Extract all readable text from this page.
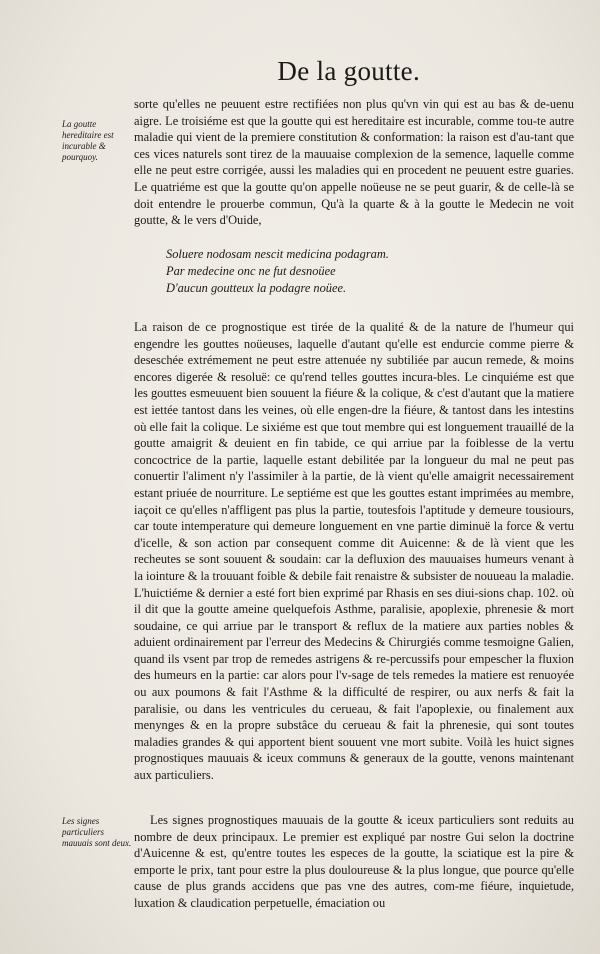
De la goutte.
La goutte hereditaire est incurable & pourquoy.

sorte qu'elles ne peuuent estre rectifiées non plus qu'vn vin qui est au bas & de-uenu aigre. Le troisiéme est que la goutte qui est hereditaire est incurable, comme tou-te autre maladie qui vient de la premiere constitution & conformation: la raison est d'au-tant que ces vices naturels sont tirez de la mauuaise complexion de la semence, laquelle comme elle ne peut estre corrigée, aussi les maladies qui en procedent ne peuuent estre guaries. Le quatriéme est que la goutte qu'on appelle noüeuse ne se peut guarir, & de celle-là se doit entendre le prouerbe commun, Qu'à la quarte & à la goutte le Medecin ne voit goutte, & le vers d'Ouide,

Soluere nodosam nescit medicina podagram.
Par medecine onc ne fut desnoüee
D'aucun goutteux la podagre noüee.

La raison de ce prognostique est tirée de la qualité & de la nature de l'humeur qui engendre les gouttes noüeuses, laquelle d'autant qu'elle est endurcie comme pierre & deseschée extrémement ne peut estre attenuée ny subtiliée par aucun remede, & moins encores digerée & resoluë: ce qu'rend telles gouttes incura-bles. Le cinquiéme est que les gouttes esmeuuent bien souuent la fiéure & la colique, & c'est d'autant que la matiere est iettée tantost dans les veines, où elle engen-dre la fiéure, & tantost dans les intestins où elle fait la colique. Le sixiéme est que tout membre qui est longuement trauaillé de la goutte amaigrit & deuient en fin tabide, ce qui arriue par la foiblesse de la vertu concoctrice de la partie, laquelle estant debilitée par la longueur du mal ne peut pas conuertir l'aliment n'y l'assimiler à la partie, de là vient qu'elle amaigrit necessairement estant priuée de nourriture. Le septiéme est que les gouttes estant imprimées au membre, iaçoit ce qu'elles n'affligent pas plus la partie, toutesfois l'aptitude y demeure tousiours, car toute intemperature qui demeure longuement en vne partie diminuë la force & vertu d'icelle, & son action par consequent comme dit Auicenne: & de là vient que les recheutes se sont souuent & soudain: car la defluxion des mauuaises humeurs venant à la iointure & la trouuant foible & debile fait renaistre & subsister de nouueau la maladie. L'huictiéme & dernier a esté fort bien exprimé par Rhasis en ses diui-sions chap. 102. où il dit que la goutte ameine quelquefois Asthme, paralisie, apoplexie, phrenesie & mort soudaine, ce qui arriue par le transport & reflux de la matiere aux parties nobles & aduient ordinairement par l'erreur des Medecins & Chirurgiés comme tesmoigne Galien, quand ils vsent par trop de remedes astrigens & re-percussifs pour empescher la fluxion des humeurs en la partie: car alors pour l'v-sage de tels remedes la matiere est renuoyée ou aux poumons & fait l'Asthme & la difficulté de respirer, ou aux nerfs & fait la paralisie, ou dans les ventricules du cerueau, & fait l'apoplexie, ou finalement aux menynges & en la propre substâce du cerueau & fait la phrenesie, qui sont toutes maladies grandes & qui apportent bient souuent vne mort subite. Voilà les huict signes prognostiques mauuais & iceux communs & generaux de la goutte, venons maintenant aux particuliers.

Les signes particuliers mauuais sont deux.

Les signes prognostiques mauuais de la goutte & iceux particuliers sont reduits au nombre de deux principaux. Le premier est expliqué par nostre Gui selon la doctrine d'Auicenne & est, qu'entre toutes les especes de la goutte, la sciatique est la pire & emporte le prix, tant pour estre la plus douloureuse & la plus longue, que pource qu'elle cause de plus grands accidens que pas vne des autres, com-me fiéure, inquietude, luxation & claudication perpetuelle, émaciation ou
